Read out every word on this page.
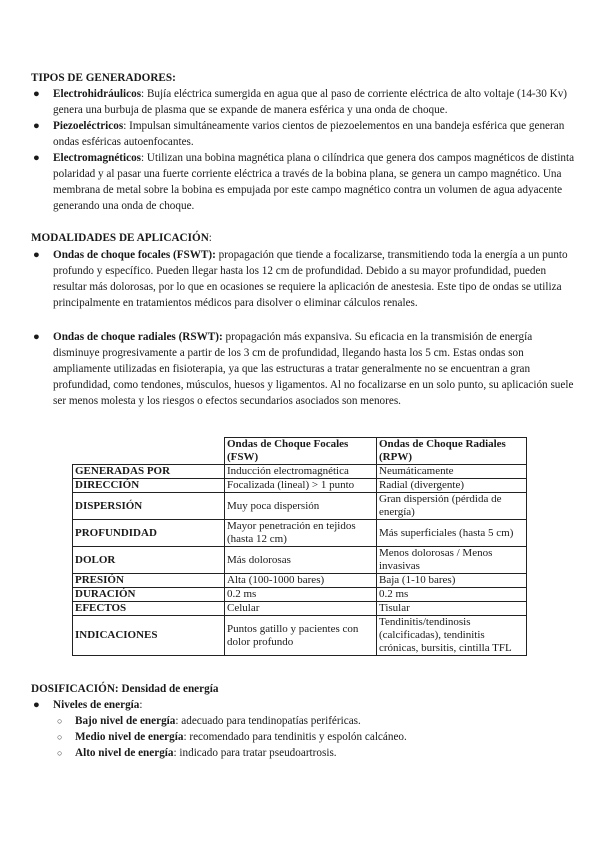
TIPOS DE GENERADORES:
● Electrohidráulicos: Bujía eléctrica sumergida en agua que al paso de corriente eléctrica de alto voltaje (14-30 Kv) genera una burbuja de plasma que se expande de manera esférica y una onda de choque.
● Piezoeléctricos: Impulsan simultáneamente varios cientos de piezoelementos en una bandeja esférica que generan ondas esféricas autoenfocantes.
● Electromagnéticos: Utilizan una bobina magnética plana o cilíndrica que genera dos campos magnéticos de distinta polaridad y al pasar una fuerte corriente eléctrica a través de la bobina plana, se genera un campo magnético. Una membrana de metal sobre la bobina es empujada por este campo magnético contra un volumen de agua adyacente generando una onda de choque.
MODALIDADES DE APLICACIÓN:
● Ondas de choque focales (FSWT): propagación que tiende a focalizarse, transmitiendo toda la energía a un punto profundo y específico. Pueden llegar hasta los 12 cm de profundidad. Debido a su mayor profundidad, pueden resultar más dolorosas, por lo que en ocasiones se requiere la aplicación de anestesia. Este tipo de ondas se utiliza principalmente en tratamientos médicos para disolver o eliminar cálculos renales.
● Ondas de choque radiales (RSWT): propagación más expansiva. Su eficacia en la transmisión de energía disminuye progresivamente a partir de los 3 cm de profundidad, llegando hasta los 5 cm. Estas ondas son ampliamente utilizadas en fisioterapia, ya que las estructuras a tratar generalmente no se encuentran a gran profundidad, como tendones, músculos, huesos y ligamentos. Al no focalizarse en un solo punto, su aplicación suele ser menos molesta y los riesgos o efectos secundarios asociados son menores.
	Ondas de Choque Focales (FSW)	Ondas de Choque Radiales (RPW)
GENERADAS POR	Inducción electromagnética	Neumáticamente
DIRECCIÓN	Focalizada (lineal) > 1 punto	Radial (divergente)
DISPERSIÓN	Muy poca dispersión	Gran dispersión (pérdida de energía)
PROFUNDIDAD	Mayor penetración en tejidos (hasta 12 cm)	Más superficiales (hasta 5 cm)
DOLOR	Más dolorosas	Menos dolorosas / Menos invasivas
PRESIÓN	Alta (100-1000 bares)	Baja (1-10 bares)
DURACIÓN	0.2 ms	0.2 ms
EFECTOS	Celular	Tisular
INDICACIONES	Puntos gatillo y pacientes con dolor profundo	Tendinitis/tendinosis (calcificadas), tendinitis crónicas, bursitis, cintilla TFL
DOSIFICACIÓN: Densidad de energía
● Niveles de energía:
○ Bajo nivel de energía: adecuado para tendinopatías periféricas.
○ Medio nivel de energía: recomendado para tendinitis y espolón calcáneo.
○ Alto nivel de energía: indicado para tratar pseudoartrosis.
